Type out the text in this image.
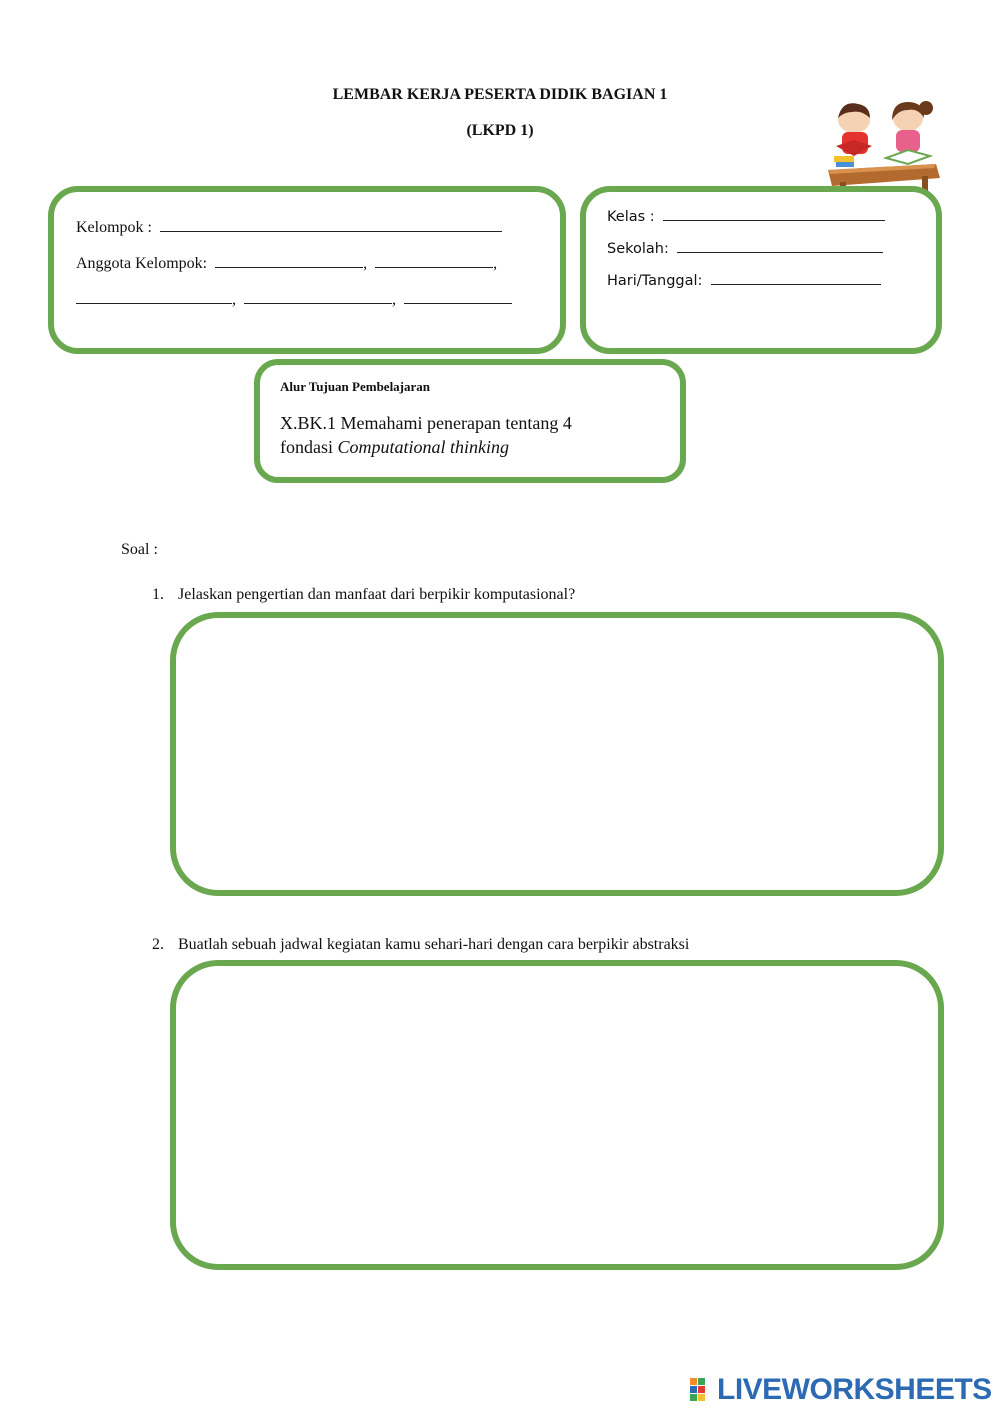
LEMBAR KERJA PESERTA DIDIK BAGIAN 1
(LKPD 1)
Kelompok :
Anggota Kelompok:	,	,
,	,
Kelas :
Sekolah:
Hari/Tanggal:
Alur Tujuan Pembelajaran
X.BK.1 Memahami penerapan tentang 4
fondasi Computational thinking
Soal :
1. Jelaskan pengertian dan manfaat dari berpikir komputasional?
2. Buatlah sebuah jadwal kegiatan kamu sehari-hari dengan cara berpikir abstraksi
LIVEWORKSHEETS
